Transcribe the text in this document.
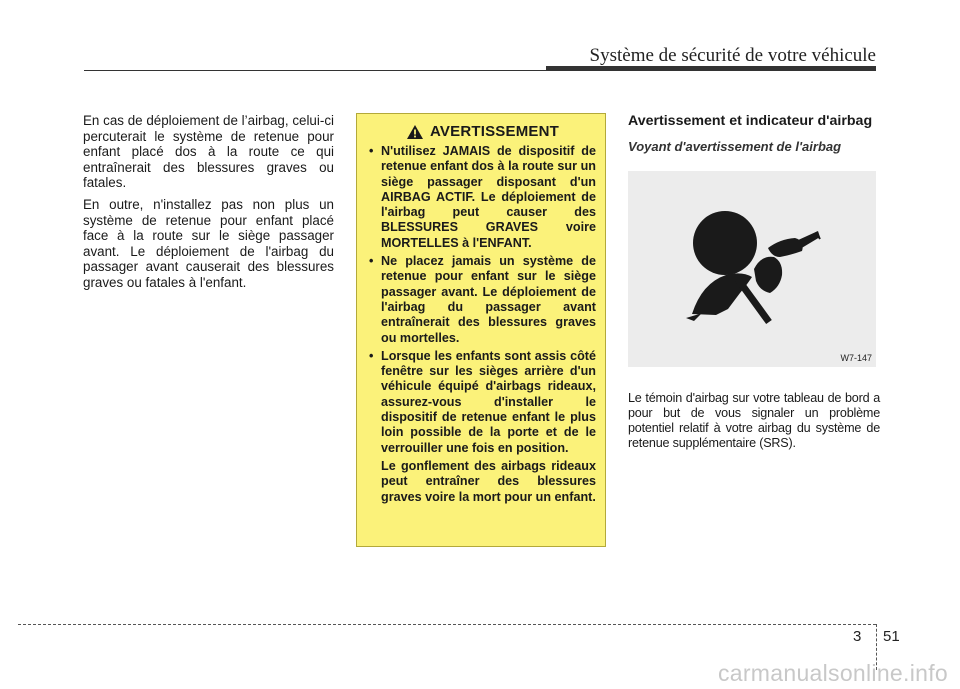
Système de sécurité de votre véhicule

En cas de déploiement de l’airbag, celui-ci percuterait le système de retenue pour enfant placé dos à la route ce qui entraînerait des blessures graves ou fatales.

En outre, n'installez pas non plus un système de retenue pour enfant placé face à la route sur le siège passager avant. Le déploiement de l'airbag du passager avant causerait des blessures graves ou fatales à l'enfant.

AVERTISSEMENT

• N'utilisez JAMAIS de dispositif de retenue enfant dos à la route sur un siège passager disposant d'un AIRBAG ACTIF. Le déploiement de l'airbag peut causer des BLESSURES GRAVES voire MORTELLES à l'ENFANT.

• Ne placez jamais un système de retenue pour enfant sur le siège passager avant. Le déploiement de l'airbag du passager avant entraînerait des blessures graves ou mortelles.

• Lorsque les enfants sont assis côté fenêtre sur les sièges arrière d'un véhicule équipé d'airbags rideaux, assurez-vous d'installer le dispositif de retenue enfant le plus loin possible de la porte et de le verrouiller une fois en position.

Le gonflement des airbags rideaux peut entraîner des blessures graves voire la mort pour un enfant.

Avertissement et indicateur d'airbag

Voyant d'avertissement de l'airbag

W7-147

Le témoin d'airbag sur votre tableau de bord a pour but de vous signaler un problème potentiel relatif à votre airbag du système de retenue supplémentaire (SRS).

3 51
carmanualsonline.info
